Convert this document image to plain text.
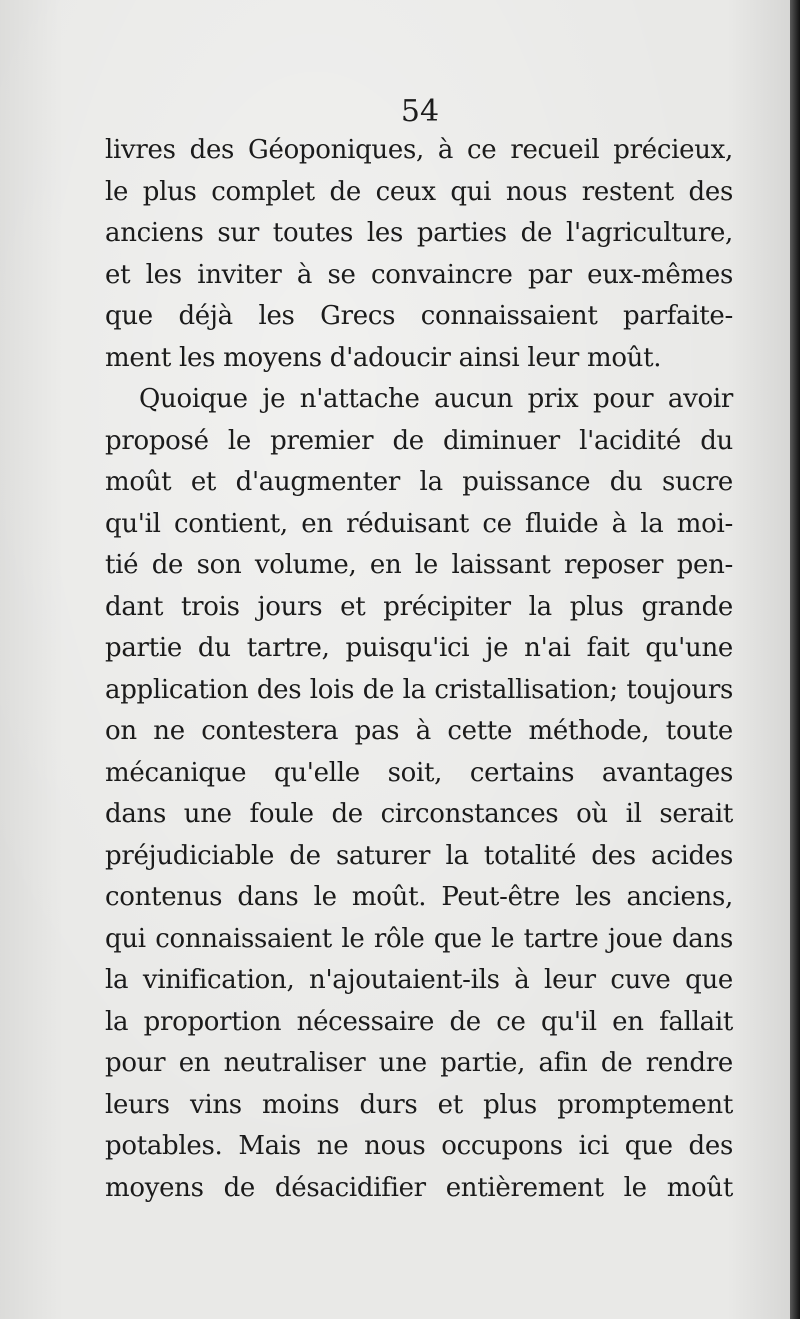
54
livres des Géoponiques, à ce recueil précieux,
le plus complet de ceux qui nous restent des
anciens sur toutes les parties de l'agriculture,
et les inviter à se convaincre par eux-mêmes
que déjà les Grecs connaissaient parfaite-
ment les moyens d'adoucir ainsi leur moût.
Quoique je n'attache aucun prix pour avoir
proposé le premier de diminuer l'acidité du
moût et d'augmenter la puissance du sucre
qu'il contient, en réduisant ce fluide à la moi-
tié de son volume, en le laissant reposer pen-
dant trois jours et précipiter la plus grande
partie du tartre, puisqu'ici je n'ai fait qu'une
application des lois de la cristallisation; toujours
on ne contestera pas à cette méthode, toute
mécanique qu'elle soit, certains avantages
dans une foule de circonstances où il serait
préjudiciable de saturer la totalité des acides
contenus dans le moût. Peut-être les anciens,
qui connaissaient le rôle que le tartre joue dans
la vinification, n'ajoutaient-ils à leur cuve que
la proportion nécessaire de ce qu'il en fallait
pour en neutraliser une partie, afin de rendre
leurs vins moins durs et plus promptement
potables. Mais ne nous occupons ici que des
moyens de désacidifier entièrement le moût
